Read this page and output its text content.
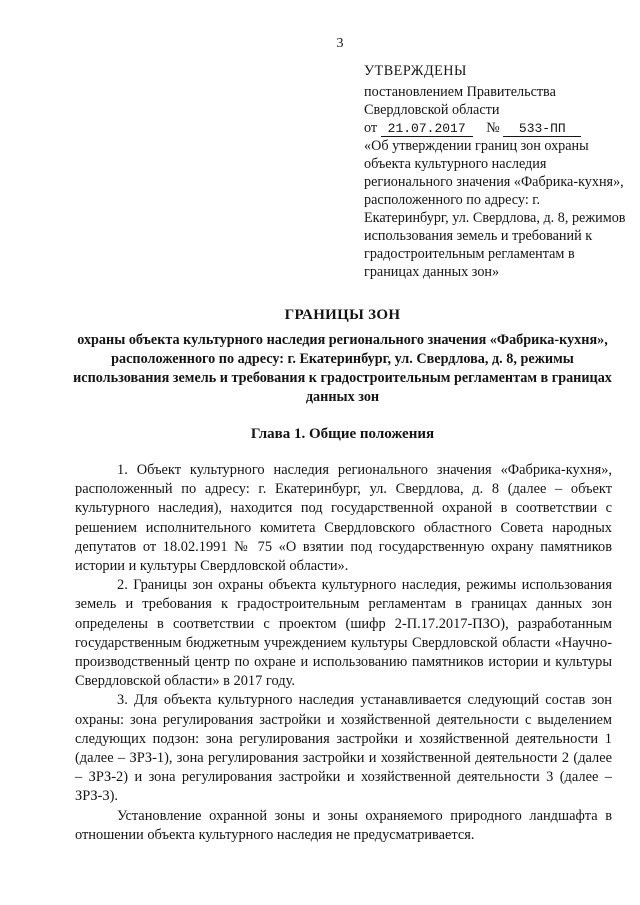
3
УТВЕРЖДЕНЫ
постановлением Правительства
Свердловской области
от 21.07.2017 № 533-ПП
«Об утверждении границ зон охраны объекта культурного наследия регионального значения «Фабрика-кухня», расположенного по адресу: г. Екатеринбург, ул. Свердлова, д. 8, режимов использования земель и требований к градостроительным регламентам в границах данных зон»
ГРАНИЦЫ ЗОН
охраны объекта культурного наследия регионального значения «Фабрика-кухня», расположенного по адресу: г. Екатеринбург, ул. Свердлова, д. 8, режимы использования земель и требования к градостроительным регламентам в границах данных зон
Глава 1. Общие положения

1. Объект культурного наследия регионального значения «Фабрика-кухня», расположенный по адресу: г. Екатеринбург, ул. Свердлова, д. 8 (далее – объект культурного наследия), находится под государственной охраной в соответствии с решением исполнительного комитета Свердловского областного Совета народных депутатов от 18.02.1991 № 75 «О взятии под государственную охрану памятников истории и культуры Свердловской области».

2. Границы зон охраны объекта культурного наследия, режимы использования земель и требования к градостроительным регламентам в границах данных зон определены в соответствии с проектом (шифр 2-П.17.2017-ПЗО), разработанным государственным бюджетным учреждением культуры Свердловской области «Научно-производственный центр по охране и использованию памятников истории и культуры Свердловской области» в 2017 году.

3. Для объекта культурного наследия устанавливается следующий состав зон охраны: зона регулирования застройки и хозяйственной деятельности с выделением следующих подзон: зона регулирования застройки и хозяйственной деятельности 1 (далее – ЗРЗ-1), зона регулирования застройки и хозяйственной деятельности 2 (далее – ЗРЗ-2) и зона регулирования застройки и хозяйственной деятельности 3 (далее – ЗРЗ-3).

Установление охранной зоны и зоны охраняемого природного ландшафта в отношении объекта культурного наследия не предусматривается.
